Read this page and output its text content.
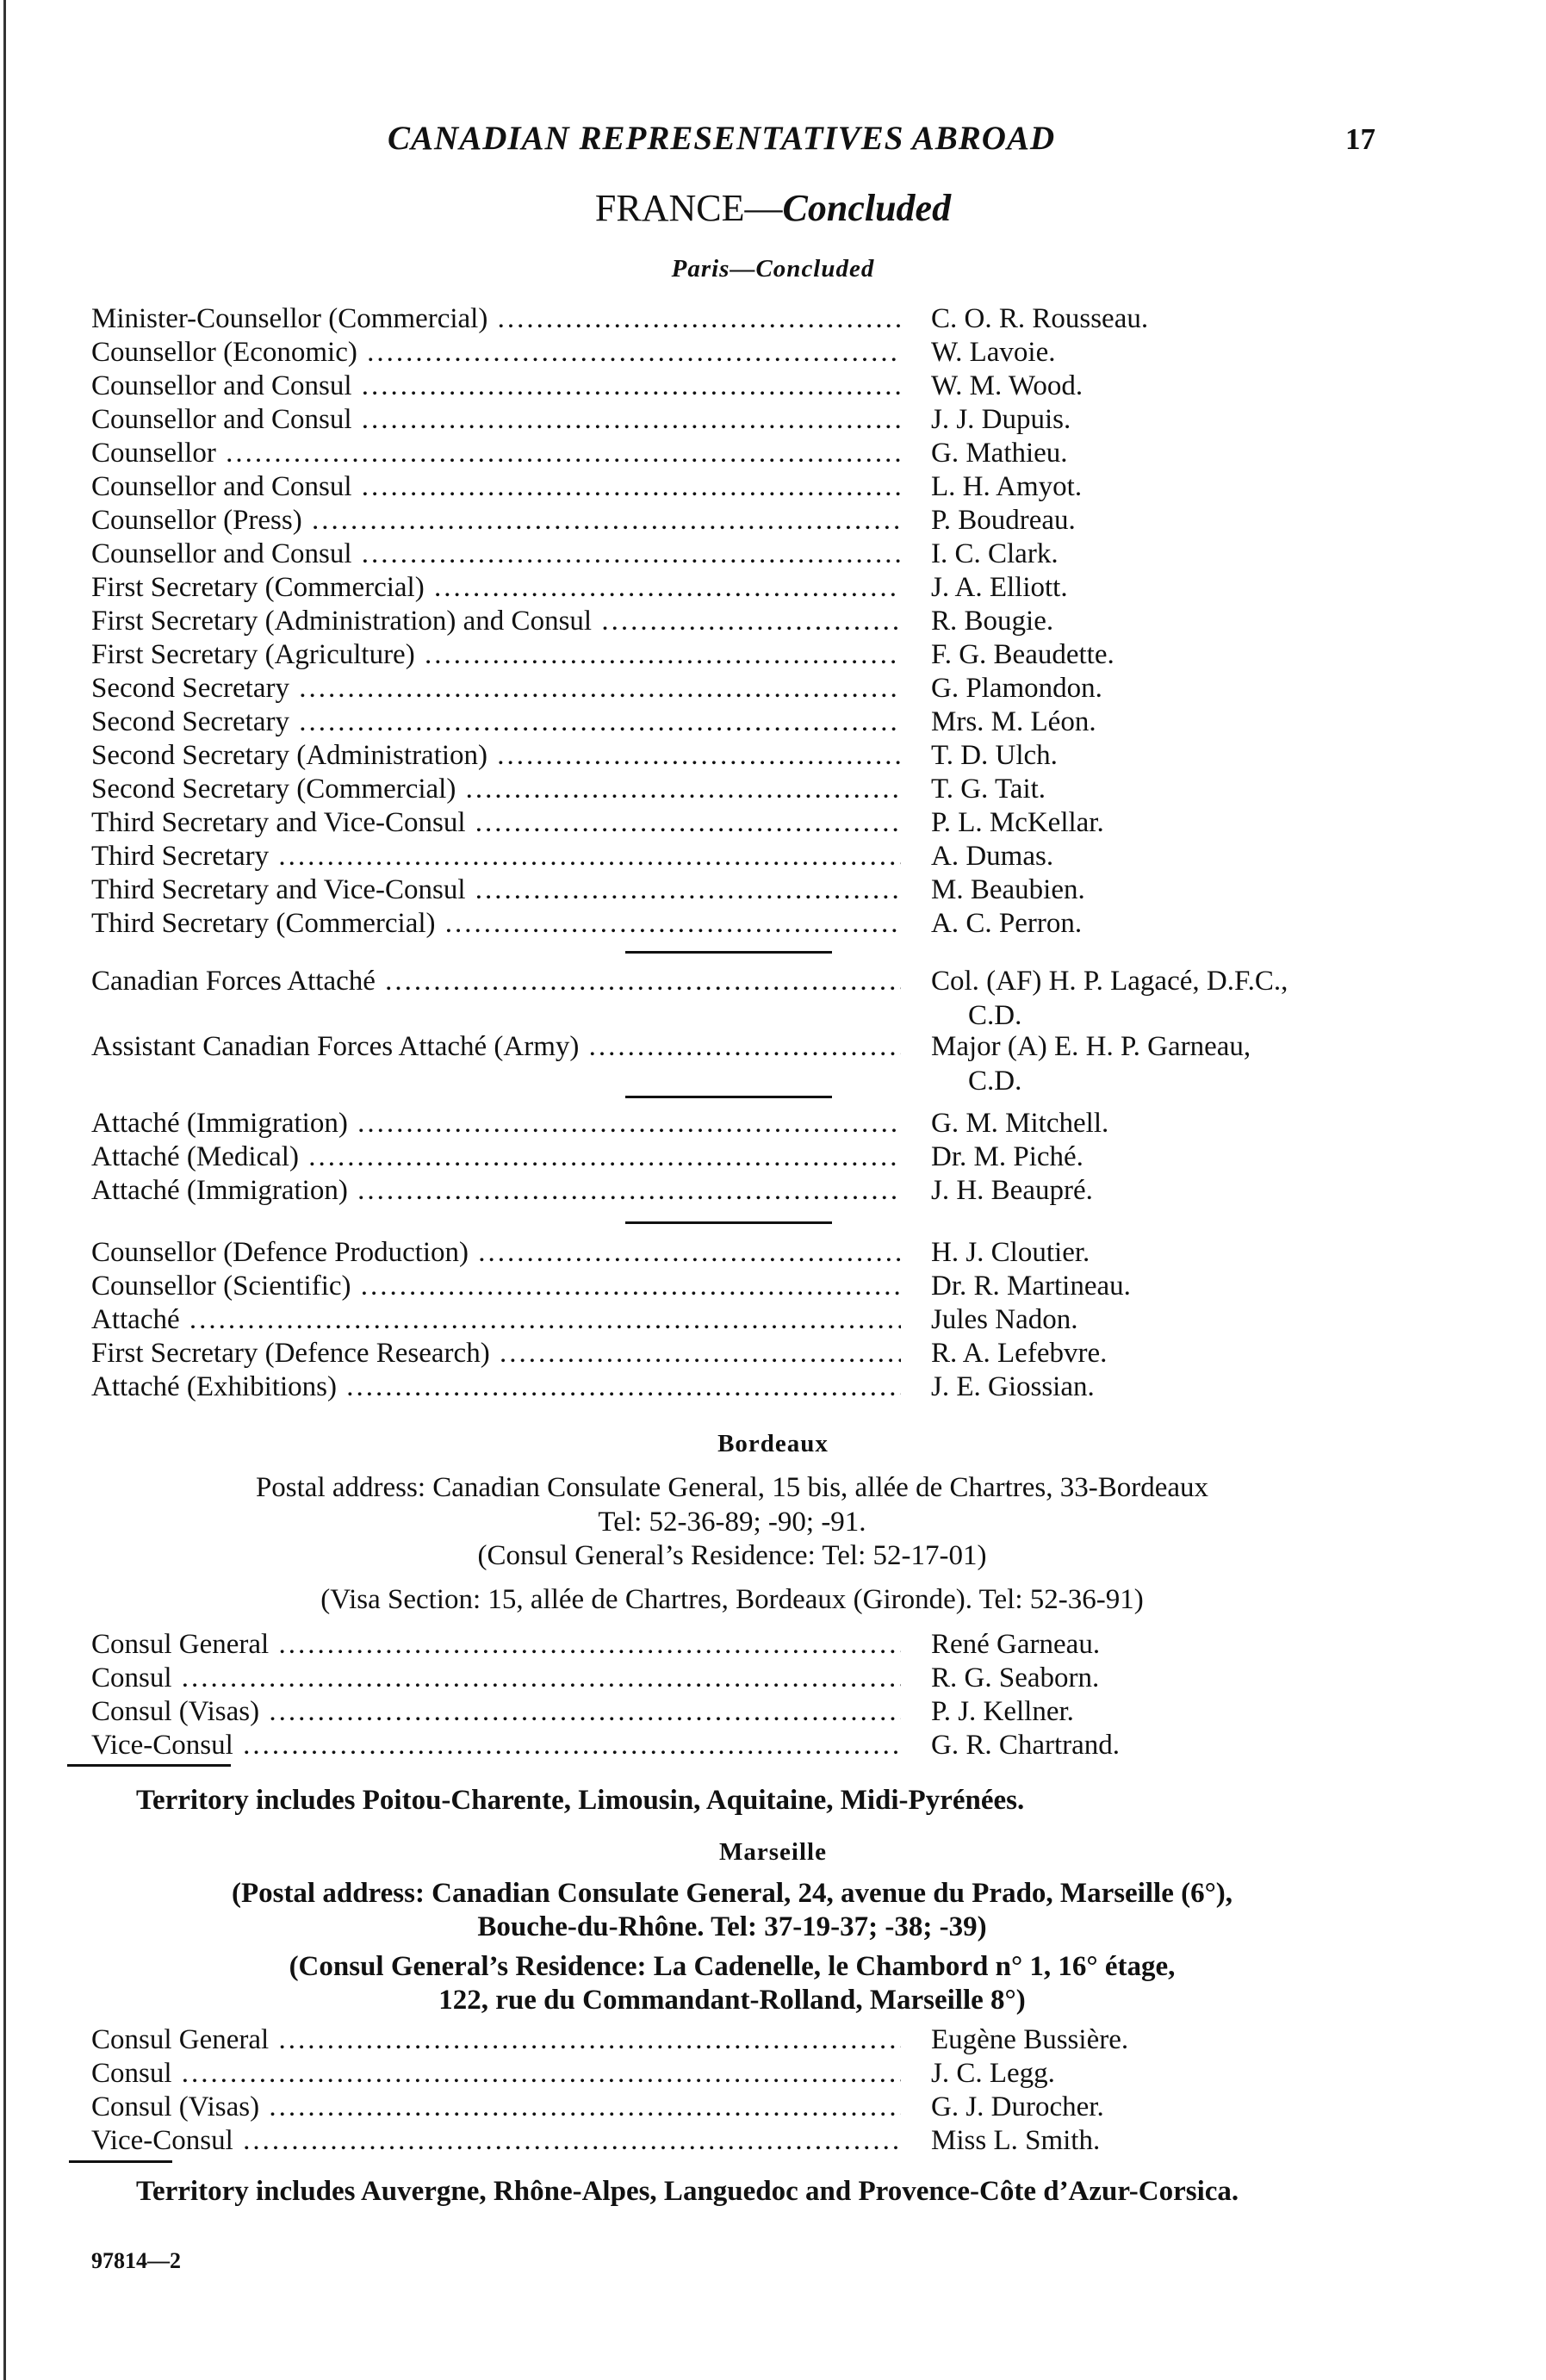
CANADIAN REPRESENTATIVES ABROAD	17
FRANCE—Concluded
Paris—Concluded
Minister-Counsellor (Commercial) .....	C. O. R. Rousseau.
Counsellor (Economic) .....	W. Lavoie.
Counsellor and Consul .....	W. M. Wood.
Counsellor and Consul .....	J. J. Dupuis.
Counsellor .....	G. Mathieu.
Counsellor and Consul .....	L. H. Amyot.
Counsellor (Press) .....	P. Boudreau.
Counsellor and Consul .....	I. C. Clark.
First Secretary (Commercial) .....	J. A. Elliott.
First Secretary (Administration) and Consul .....	R. Bougie.
First Secretary (Agriculture) .....	F. G. Beaudette.
Second Secretary .....	G. Plamondon.
Second Secretary .....	Mrs. M. Léon.
Second Secretary (Administration) .....	T. D. Ulch.
Second Secretary (Commercial) .....	T. G. Tait.
Third Secretary and Vice-Consul .....	P. L. McKellar.
Third Secretary .....	A. Dumas.
Third Secretary and Vice-Consul .....	M. Beaubien.
Third Secretary (Commercial) .....	A. C. Perron.
Canadian Forces Attaché .....	Col. (AF) H. P. Lagacé, D.F.C.,
C.D.
Assistant Canadian Forces Attaché (Army) .....	Major (A) E. H. P. Garneau,
C.D.
Attaché (Immigration) .....	G. M. Mitchell.
Attaché (Medical) .....	Dr. M. Piché.
Attaché (Immigration) .....	J. H. Beaupré.
Counsellor (Defence Production) .....	H. J. Cloutier.
Counsellor (Scientific) .....	Dr. R. Martineau.
Attaché .....	Jules Nadon.
First Secretary (Defence Research) .....	R. A. Lefebvre.
Attaché (Exhibitions) .....	J. E. Giossian.
Bordeaux
Postal address: Canadian Consulate General, 15 bis, allée de Chartres, 33-Bordeaux
Tel: 52-36-89; -90; -91.
(Consul General’s Residence: Tel: 52-17-01)
(Visa Section: 15, allée de Chartres, Bordeaux (Gironde). Tel: 52-36-91)
Consul General .....	René Garneau.
Consul .....	R. G. Seaborn.
Consul (Visas) .....	P. J. Kellner.
Vice-Consul .....	G. R. Chartrand.
Territory includes Poitou-Charente, Limousin, Aquitaine, Midi-Pyrénées.
Marseille
(Postal address: Canadian Consulate General, 24, avenue du Prado, Marseille (6°),
Bouche-du-Rhône. Tel: 37-19-37; -38; -39)
(Consul General’s Residence: La Cadenelle, le Chambord n° 1, 16° étage,
122, rue du Commandant-Rolland, Marseille 8°)
Consul General .....	Eugène Bussière.
Consul .....	J. C. Legg.
Consul (Visas) .....	G. J. Durocher.
Vice-Consul .....	Miss L. Smith.
Territory includes Auvergne, Rhône-Alpes, Languedoc and Provence-Côte d’Azur-Corsica.
97814—2
